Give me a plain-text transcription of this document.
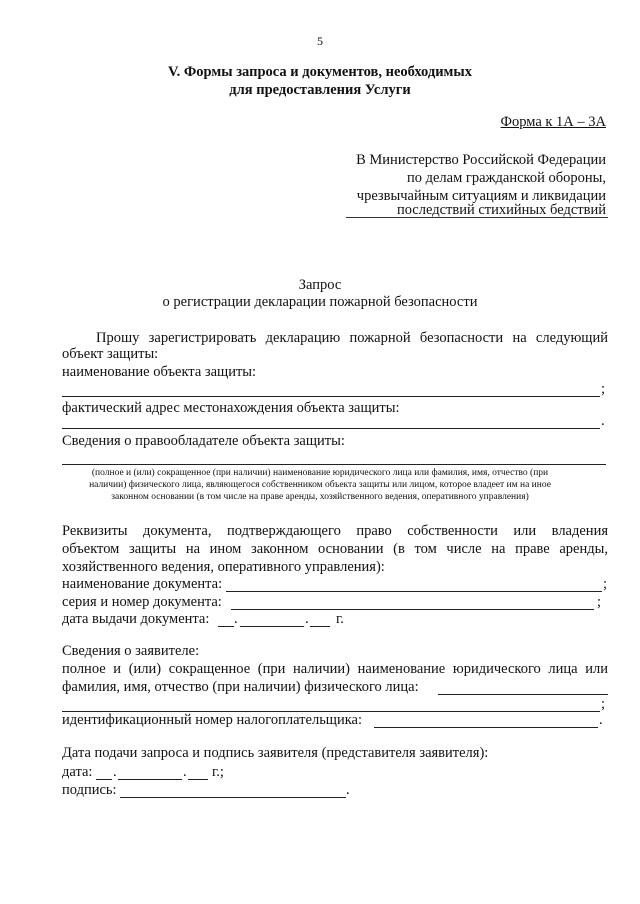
5
V. Формы запроса и документов, необходимых
для предоставления Услуги
Форма к 1А – 3А
В Министерство Российской Федерации
по делам гражданской обороны,
чрезвычайным ситуациям и ликвидации
последствий стихийных бедствий
Запрос
о регистрации декларации пожарной безопасности
Прошу зарегистрировать декларацию пожарной безопасности на следующий
объект защиты:
наименование объекта защиты:
;
фактический адрес местонахождения объекта защиты:
.
Сведения о правообладателе объекта защиты:
(полное и (или) сокращенное (при наличии) наименование юридического лица или фамилия, имя, отчество (при
наличии) физического лица, являющегося собственником объекта защиты или лицом, которое владеет им на иное
законном основании (в том числе на праве аренды, хозяйственного ведения, оперативного управления)
Реквизиты документа, подтверждающего право собственности или владения
объектом защиты на ином законном основании (в том числе на праве аренды,
хозяйственного ведения, оперативного управления):
наименование документа:	;
серия и номер документа:	;
дата выдачи документа: .	. г.
Сведения о заявителе:
полное и (или) сокращенное (при наличии) наименование юридического лица или
фамилия, имя, отчество (при наличии) физического лица:
;
идентификационный номер налогоплательщика:	.
Дата подачи запроса и подпись заявителя (представителя заявителя):
дата: .	. г.;
подпись:	.
